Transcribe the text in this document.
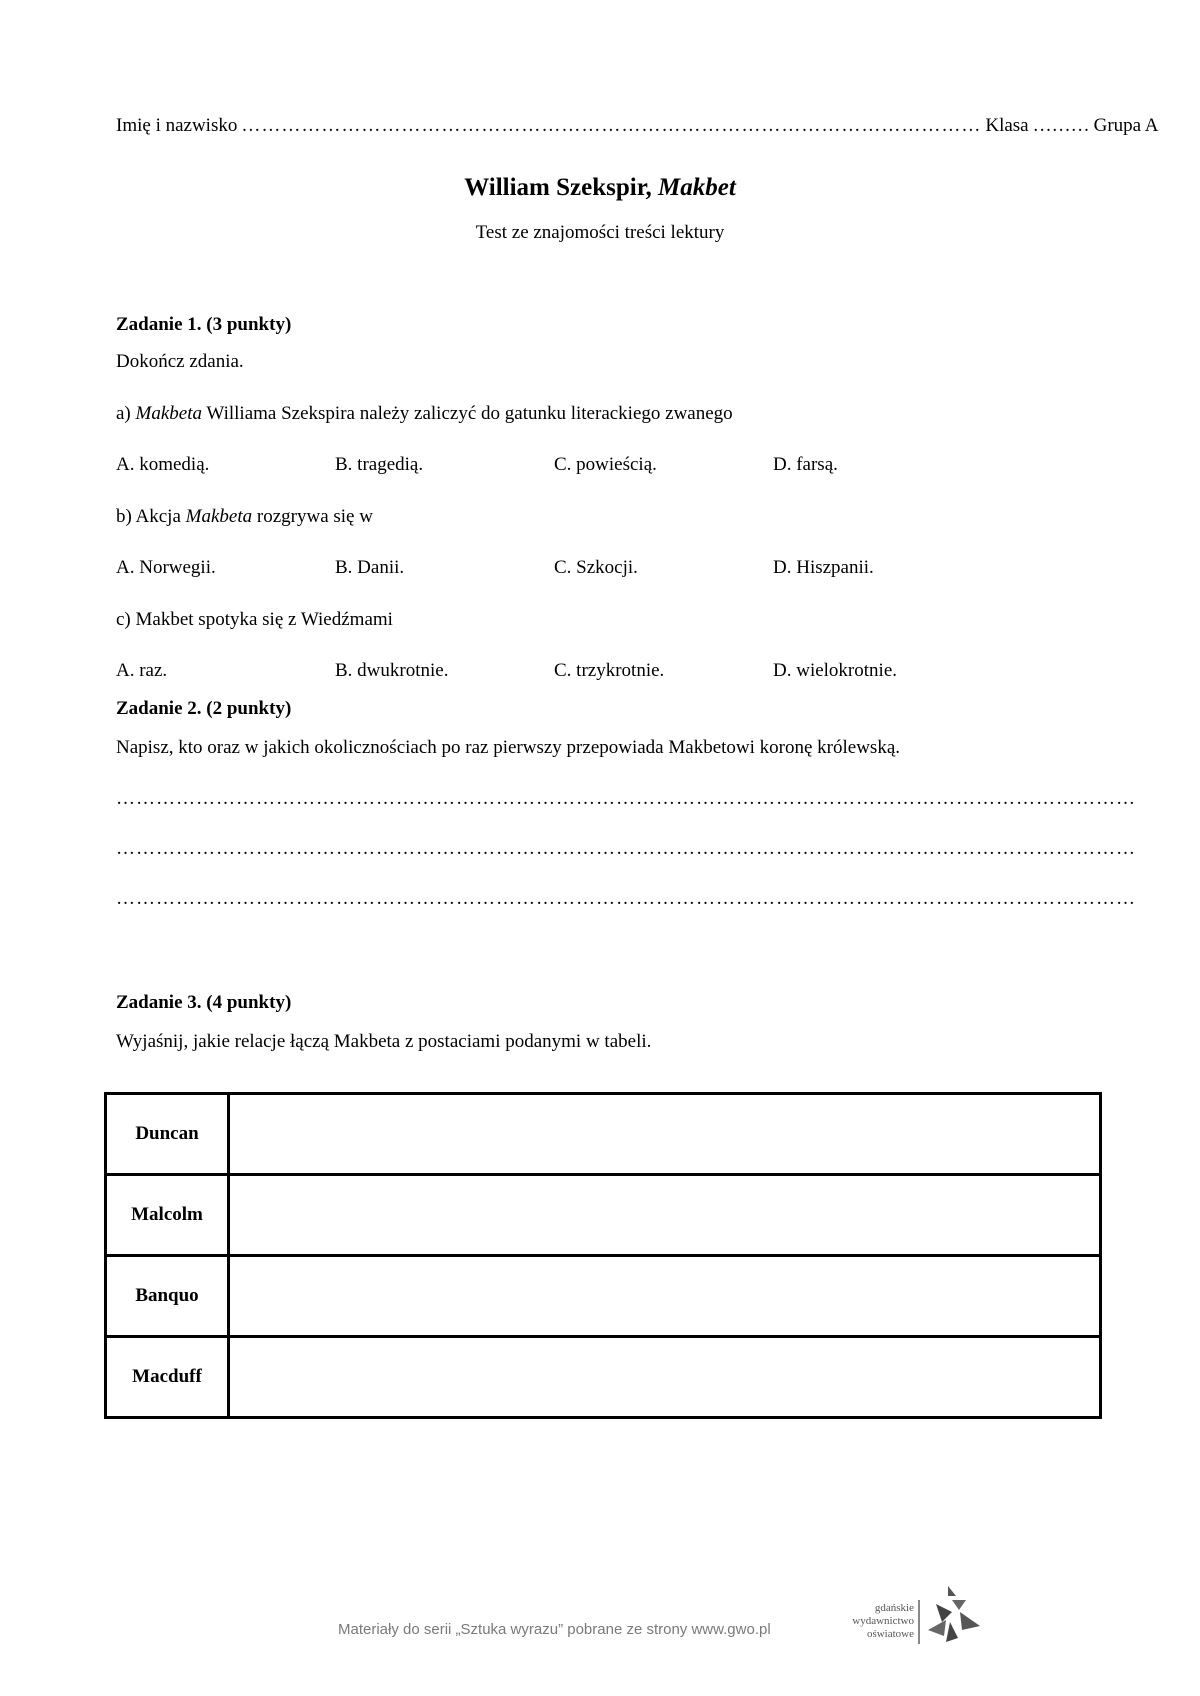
Imię i nazwisko ………………………………………………………………………………………………… Klasa ……… Grupa A
William Szekspir, Makbet
Test ze znajomości treści lektury
Zadanie 1. (3 punkty)
Dokończ zdania.
a) Makbeta Williama Szekspira należy zaliczyć do gatunku literackiego zwanego
A. komedią.	B. tragedią.	C. powieścią.	D. farsą.
b) Akcja Makbeta rozgrywa się w
A. Norwegii.	B. Danii.	C. Szkocji.	D. Hiszpanii.
c) Makbet spotyka się z Wiedźmami
A. raz.	B. dwukrotnie.	C. trzykrotnie.	D. wielokrotnie.
Zadanie 2. (2 punkty)
Napisz, kto oraz w jakich okolicznościach po raz pierwszy przepowiada Makbetowi koronę królewską.
………………………………………………………………………………………………………………………………………
………………………………………………………………………………………………………………………………………
………………………………………………………………………………………………………………………………………
Zadanie 3. (4 punkty)
Wyjaśnij, jakie relacje łączą Makbeta z postaciami podanymi w tabeli.
Duncan	
Malcolm	
Banquo	
Macduff	
Materiały do serii „Sztuka wyrazu” pobrane ze strony www.gwo.pl
gdańskie wydawnictwo oświatowe
